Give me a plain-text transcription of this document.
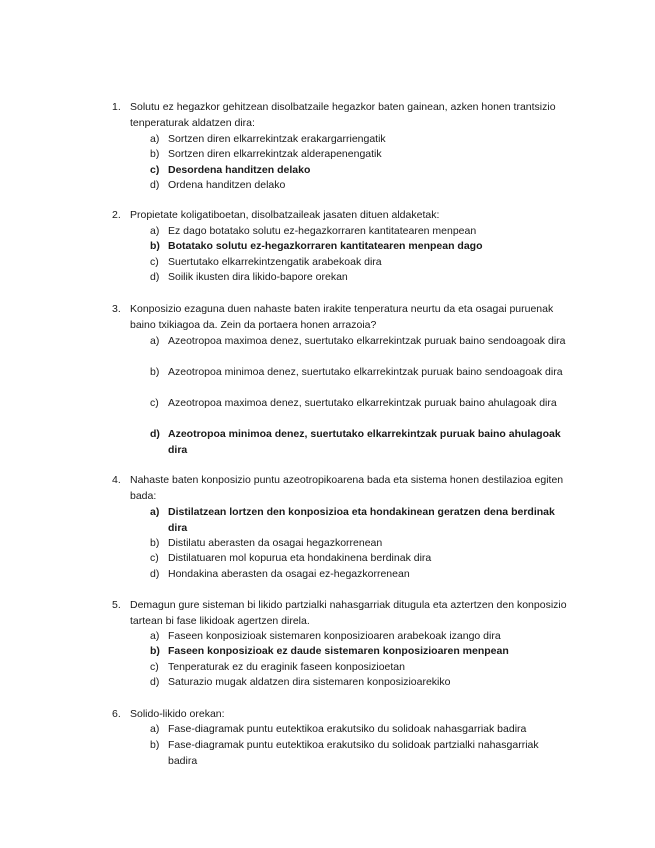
1. Solutu ez hegazkor gehitzean disolbatzaile hegazkor baten gainean, azken honen trantsizio tenperaturak aldatzen dira:
a) Sortzen diren elkarrekintzak erakargarriengatik
b) Sortzen diren elkarrekintzak alderapenengatik
c) Desordena handitzen delako
d) Ordena handitzen delako
2. Propietate koligatiboetan, disolbatzaileak jasaten dituen aldaketak:
a) Ez dago botatako solutu ez-hegazkorraren kantitatearen menpean
b) Botatako solutu ez-hegazkorraren kantitatearen menpean dago
c) Suertutako elkarrekintzengatik arabekoak dira
d) Soilik ikusten dira likido-bapore orekan
3. Konposizio ezaguna duen nahaste baten irakite tenperatura neurtu da eta osagai puruenak baino txikiagoa da. Zein da portaera honen arrazoia?
a) Azeotropoa maximoa denez, suertutako elkarrekintzak puruak baino sendoagoak dira
b) Azeotropoa minimoa denez, suertutako elkarrekintzak puruak baino sendoagoak dira
c) Azeotropoa maximoa denez, suertutako elkarrekintzak puruak baino ahulagoak dira
d) Azeotropoa minimoa denez, suertutako elkarrekintzak puruak baino ahulagoak dira
4. Nahaste baten konposizio puntu azeotropikoarena bada eta sistema honen destilazioa egiten bada:
a) Distilatzean lortzen den konposizioa eta hondakinean geratzen dena berdinak dira
b) Distilatu aberasten da osagai hegazkorrenean
c) Distilatuaren mol kopurua eta hondakinena berdinak dira
d) Hondakina aberasten da osagai ez-hegazkorrenean
5. Demagun gure sisteman bi likido partzialki nahasgarriak ditugula eta aztertzen den konposizio tartean bi fase likidoak agertzen direla.
a) Faseen konposizioak sistemaren konposizioaren arabekoak izango dira
b) Faseen konposizioak ez daude sistemaren konposizioaren menpean
c) Tenperaturak ez du eraginik faseen konposizioetan
d) Saturazio mugak aldatzen dira sistemaren konposizioarekiko
6. Solido-likido orekan:
a) Fase-diagramak puntu eutektikoa erakutsiko du solidoak nahasgarriak badira
b) Fase-diagramak puntu eutektikoa erakutsiko du solidoak partzialki nahasgarriak badira
